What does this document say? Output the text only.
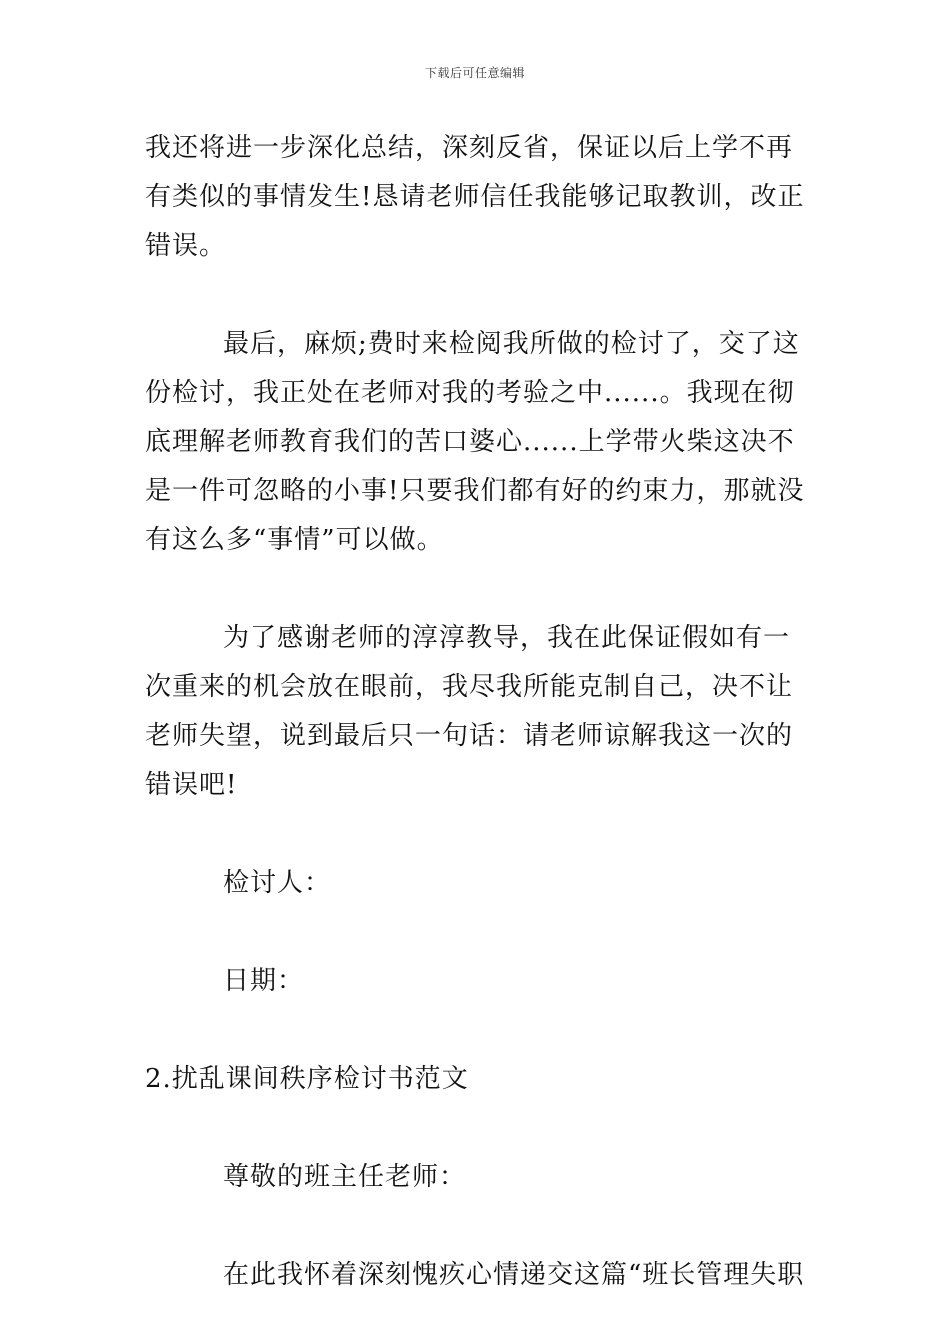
下载后可任意编辑

我还将进一步深化总结，深刻反省，保证以后上学不再有类似的事情发生!恳请老师信任我能够记取教训，改正错误。

最后，麻烦;费时来检阅我所做的检讨了，交了这份检讨，我正处在老师对我的考验之中......。我现在彻底理解老师教育我们的苦口婆心......上学带火柴这决不是一件可忽略的小事!只要我们都有好的约束力，那就没有这么多“事情”可以做。

为了感谢老师的淳淳教导，我在此保证假如有一次重来的机会放在眼前，我尽我所能克制自己，决不让老师失望，说到最后只一句话：请老师谅解我这一次的错误吧!

检讨人：

日期：

2.扰乱课间秩序检讨书范文

尊敬的班主任老师：

在此我怀着深刻愧疚心情递交这篇“班长管理失职
